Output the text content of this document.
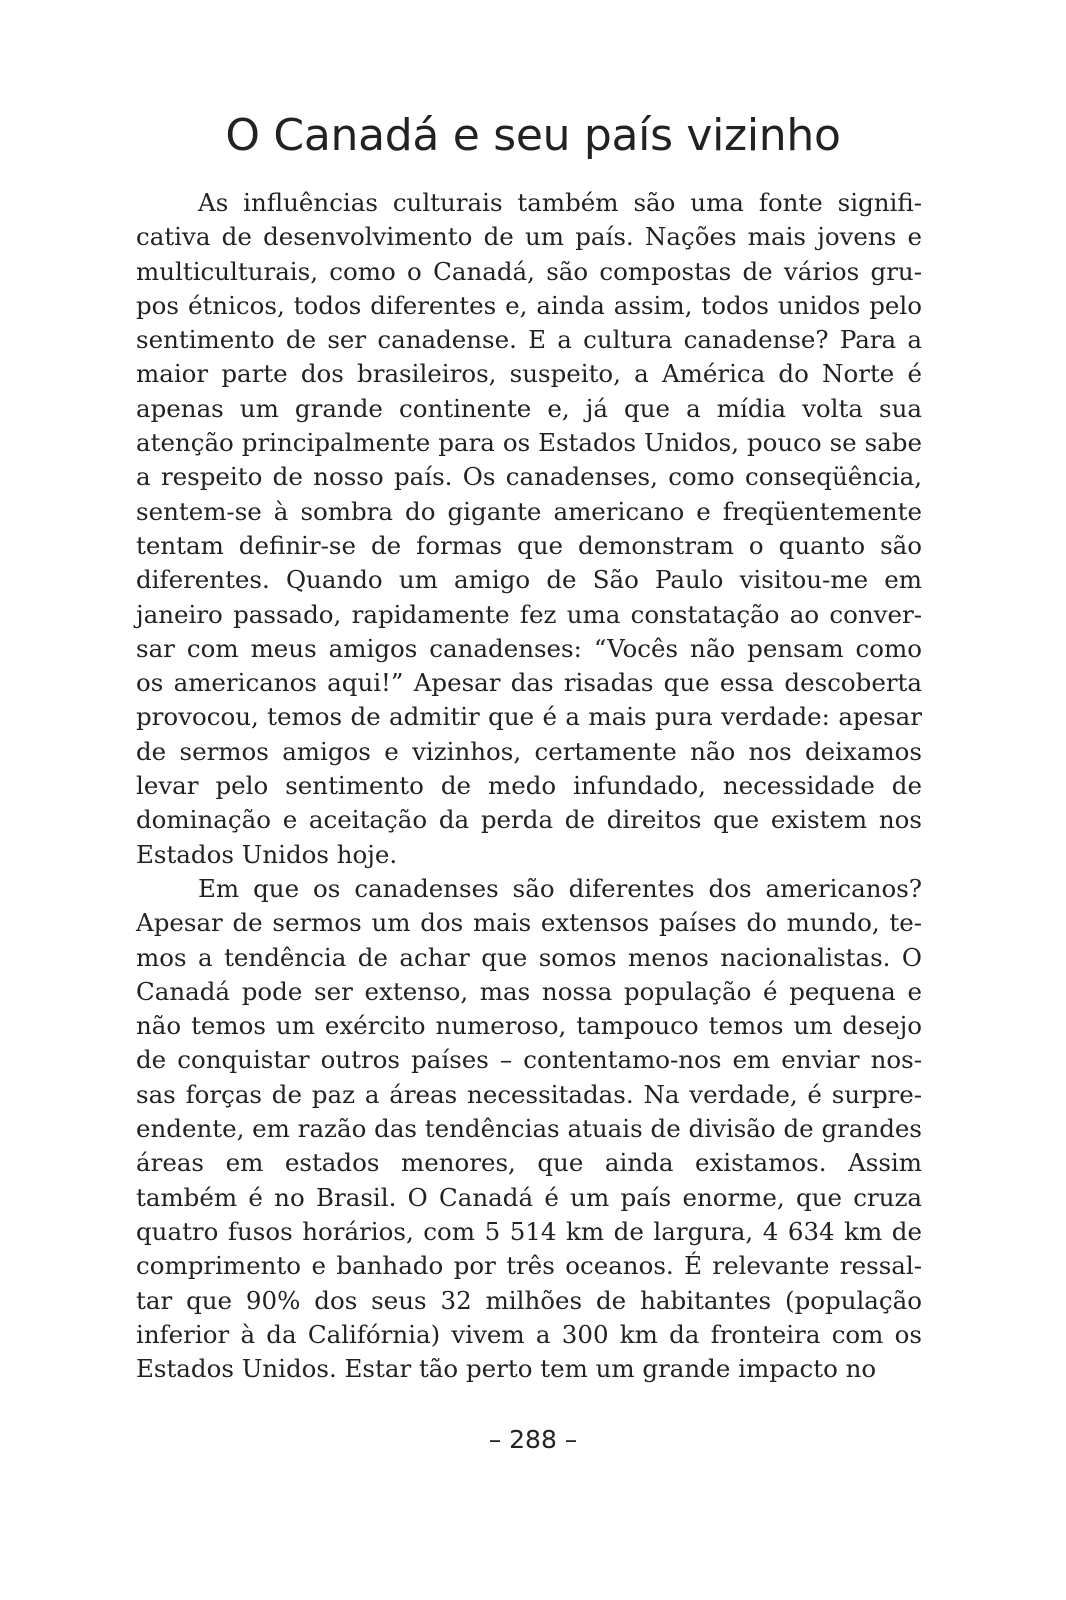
O Canadá e seu país vizinho

As influências culturais também são uma fonte significativa de desenvolvimento de um país. Nações mais jovens e multiculturais, como o Canadá, são compostas de vários grupos étnicos, todos diferentes e, ainda assim, todos unidos pelo sentimento de ser canadense. E a cultura canadense? Para a maior parte dos brasileiros, suspeito, a América do Norte é apenas um grande continente e, já que a mídia volta sua atenção principalmente para os Estados Unidos, pouco se sabe a respeito de nosso país. Os canadenses, como conseqüência, sentem-se à sombra do gigante americano e freqüentemente tentam definir-se de formas que demonstram o quanto são diferentes. Quando um amigo de São Paulo visitou-me em janeiro passado, rapidamente fez uma constatação ao conversar com meus amigos canadenses: “Vocês não pensam como os americanos aqui!” Apesar das risadas que essa descoberta provocou, temos de admitir que é a mais pura verdade: apesar de sermos amigos e vizinhos, certamente não nos deixamos levar pelo sentimento de medo infundado, necessidade de dominação e aceitação da perda de direitos que existem nos Estados Unidos hoje.

Em que os canadenses são diferentes dos americanos? Apesar de sermos um dos mais extensos países do mundo, temos a tendência de achar que somos menos nacionalistas. O Canadá pode ser extenso, mas nossa população é pequena e não temos um exército numeroso, tampouco temos um desejo de conquistar outros países – contentamo-nos em enviar nossas forças de paz a áreas necessitadas. Na verdade, é surpreendente, em razão das tendências atuais de divisão de grandes áreas em estados menores, que ainda existamos. Assim também é no Brasil. O Canadá é um país enorme, que cruza quatro fusos horários, com 5 514 km de largura, 4 634 km de comprimento e banhado por três oceanos. É relevante ressaltar que 90% dos seus 32 milhões de habitantes (população inferior à da Califórnia) vivem a 300 km da fronteira com os Estados Unidos. Estar tão perto tem um grande impacto no

– 288 –
